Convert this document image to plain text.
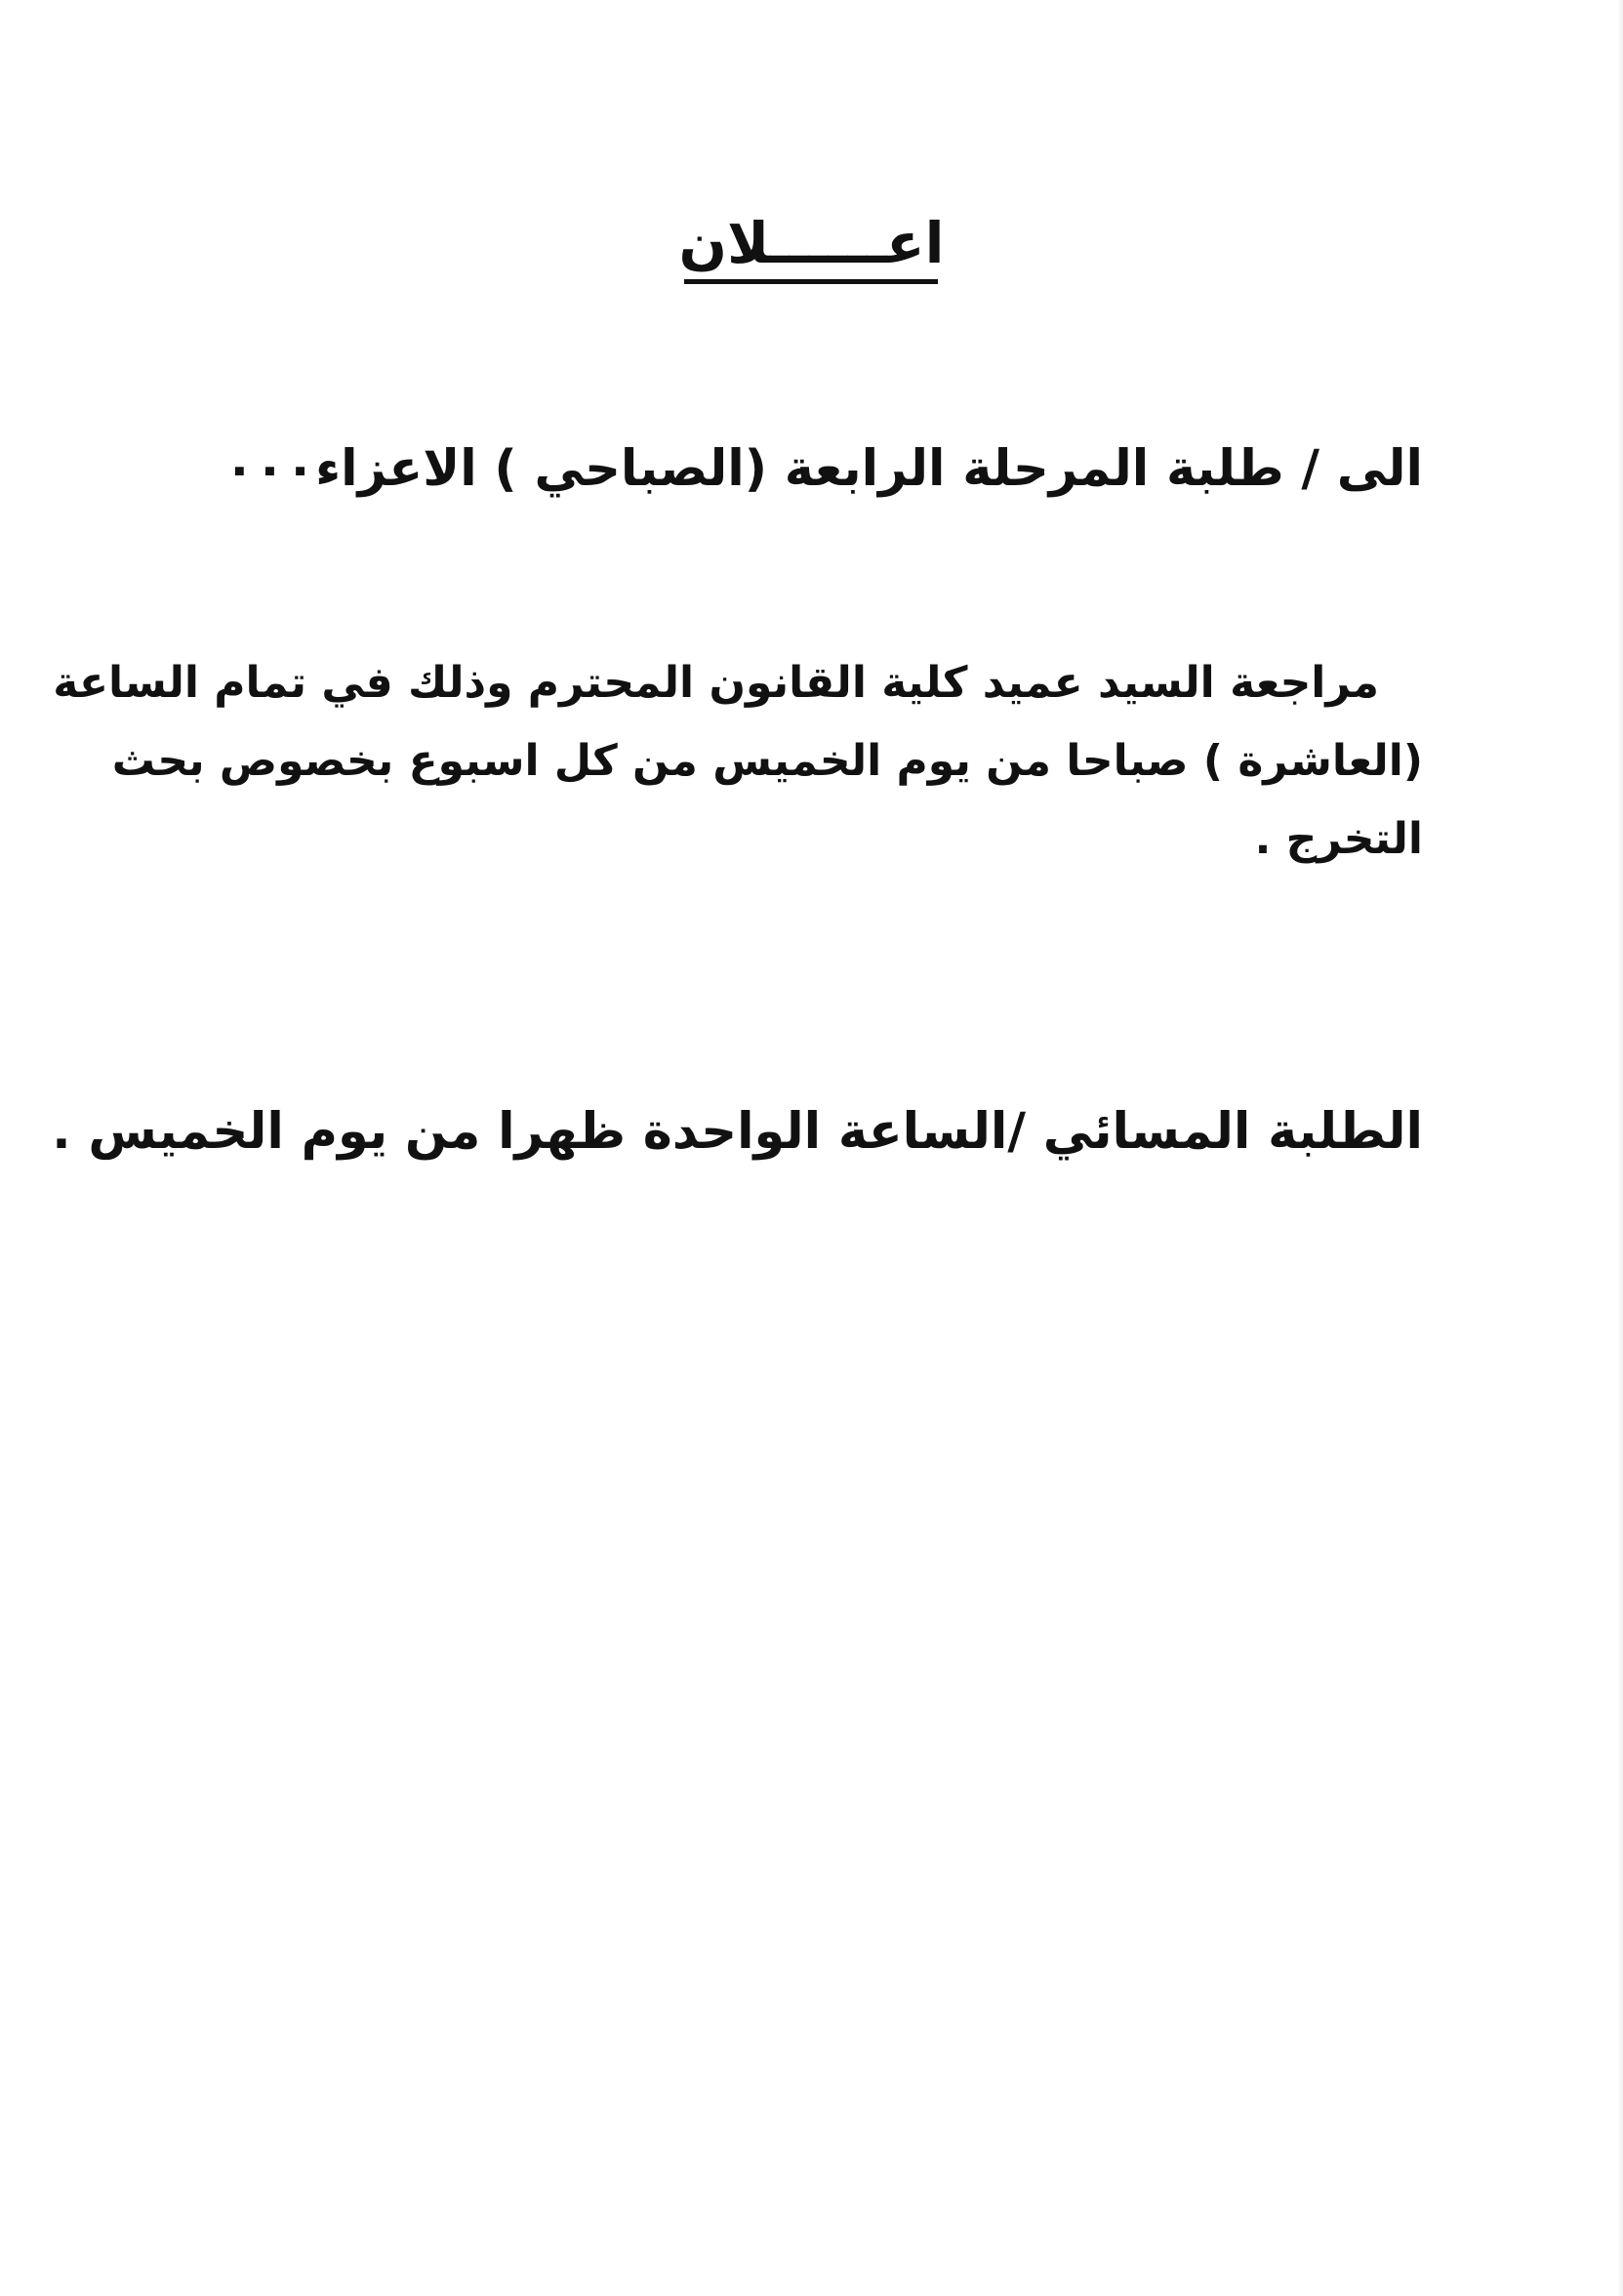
اعــــــلان
الى / طلبة المرحلة الرابعة (الصباحي ) الاعزاء٠٠٠
مراجعة السيد عميد كلية القانون المحترم وذلك في تمام الساعة
(العاشرة ) صباحا من يوم الخميس من كل اسبوع بخصوص بحث
التخرج .
الطلبة المسائي /الساعة الواحدة ظهرا من يوم الخميس .
